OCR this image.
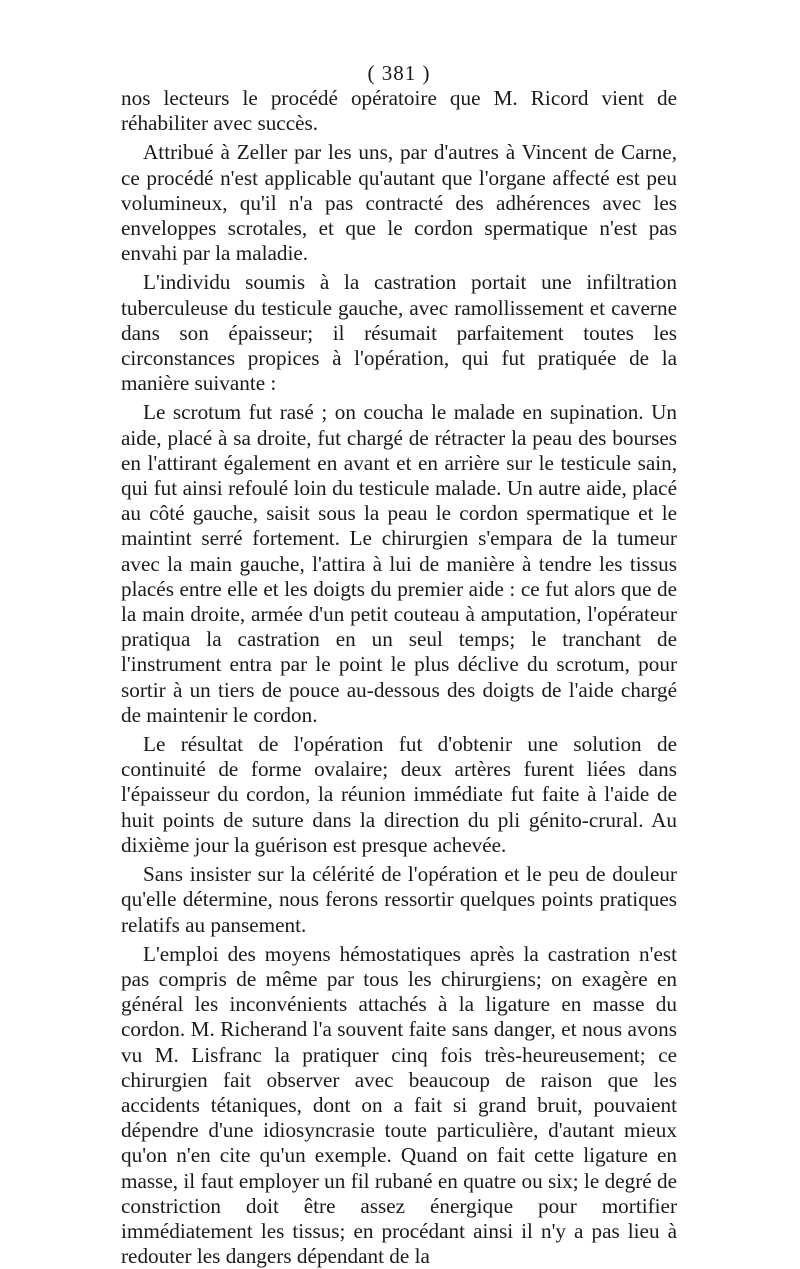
( 381 )

nos lecteurs le procédé opératoire que M. Ricord vient de réhabiliter avec succès.

Attribué à Zeller par les uns, par d'autres à Vincent de Carne, ce procédé n'est applicable qu'autant que l'organe affecté est peu volumineux, qu'il n'a pas contracté des adhérences avec les enveloppes scrotales, et que le cordon spermatique n'est pas envahi par la maladie.

L'individu soumis à la castration portait une infiltration tuberculeuse du testicule gauche, avec ramollissement et caverne dans son épaisseur; il résumait parfaitement toutes les circonstances propices à l'opération, qui fut pratiquée de la manière suivante :

Le scrotum fut rasé ; on coucha le malade en supination. Un aide, placé à sa droite, fut chargé de rétracter la peau des bourses en l'attirant également en avant et en arrière sur le testicule sain, qui fut ainsi refoulé loin du testicule malade. Un autre aide, placé au côté gauche, saisit sous la peau le cordon spermatique et le maintint serré fortement. Le chirurgien s'empara de la tumeur avec la main gauche, l'attira à lui de manière à tendre les tissus placés entre elle et les doigts du premier aide : ce fut alors que de la main droite, armée d'un petit couteau à amputation, l'opérateur pratiqua la castration en un seul temps; le tranchant de l'instrument entra par le point le plus déclive du scrotum, pour sortir à un tiers de pouce au-dessous des doigts de l'aide chargé de maintenir le cordon.

Le résultat de l'opération fut d'obtenir une solution de continuité de forme ovalaire; deux artères furent liées dans l'épaisseur du cordon, la réunion immédiate fut faite à l'aide de huit points de suture dans la direction du pli génito-crural. Au dixième jour la guérison est presque achevée.

Sans insister sur la célérité de l'opération et le peu de douleur qu'elle détermine, nous ferons ressortir quelques points pratiques relatifs au pansement.

L'emploi des moyens hémostatiques après la castration n'est pas compris de même par tous les chirurgiens; on exagère en général les inconvénients attachés à la ligature en masse du cordon. M. Richerand l'a souvent faite sans danger, et nous avons vu M. Lisfranc la pratiquer cinq fois très-heureusement; ce chirurgien fait observer avec beaucoup de raison que les accidents tétaniques, dont on a fait si grand bruit, pouvaient dépendre d'une idiosyncrasie toute particulière, d'autant mieux qu'on n'en cite qu'un exemple. Quand on fait cette ligature en masse, il faut employer un fil rubané en quatre ou six; le degré de constriction doit être assez énergique pour mortifier immédiatement les tissus; en procédant ainsi il n'y a pas lieu à redouter les dangers dépendant de la
